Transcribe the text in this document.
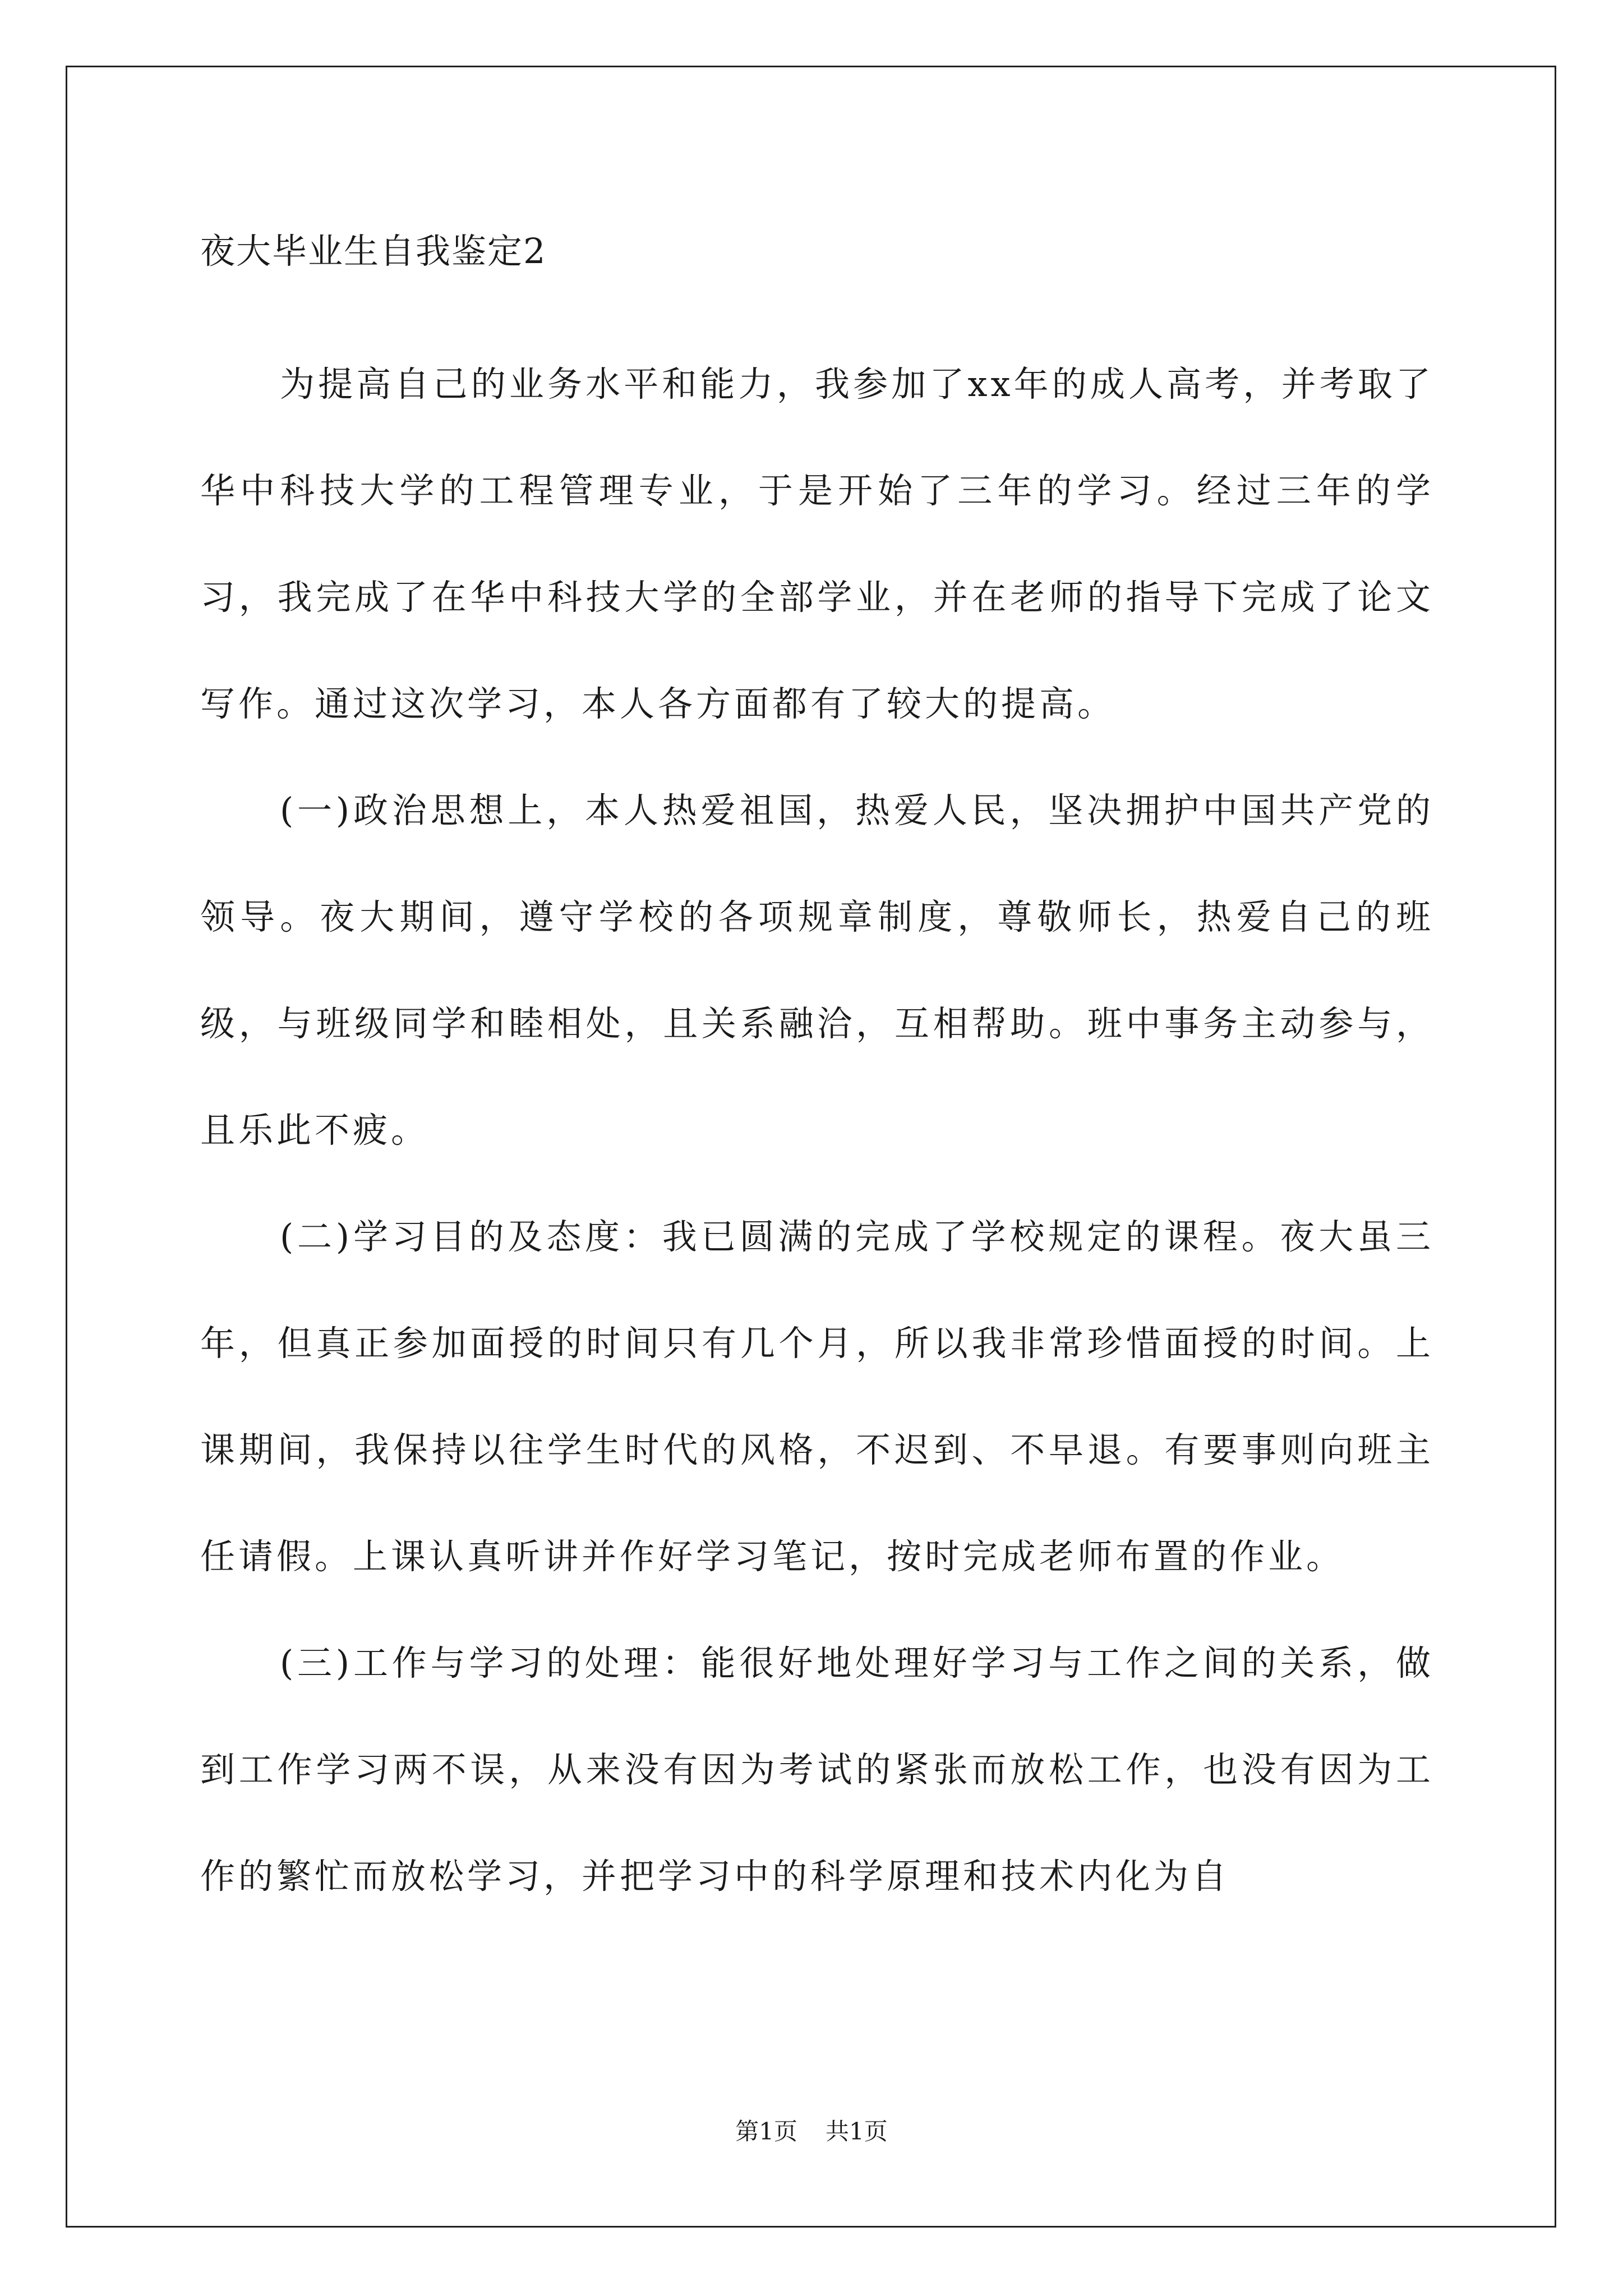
夜大毕业生自我鉴定2

为提高自己的业务水平和能力，我参加了xx年的成人高考，并考取了华中科技大学的工程管理专业，于是开始了三年的学习。经过三年的学习，我完成了在华中科技大学的全部学业，并在老师的指导下完成了论文写作。通过这次学习，本人各方面都有了较大的提高。

(一)政治思想上，本人热爱祖国，热爱人民，坚决拥护中国共产党的领导。夜大期间，遵守学校的各项规章制度，尊敬师长，热爱自己的班级，与班级同学和睦相处，且关系融洽，互相帮助。班中事务主动参与，且乐此不疲。

(二)学习目的及态度：我已圆满的完成了学校规定的课程。夜大虽三年，但真正参加面授的时间只有几个月，所以我非常珍惜面授的时间。上课期间，我保持以往学生时代的风格，不迟到、不早退。有要事则向班主任请假。上课认真听讲并作好学习笔记，按时完成老师布置的作业。

(三)工作与学习的处理：能很好地处理好学习与工作之间的关系，做到工作学习两不误，从来没有因为考试的紧张而放松工作，也没有因为工作的繁忙而放松学习，并把学习中的科学原理和技术内化为自

第1页 共1页
